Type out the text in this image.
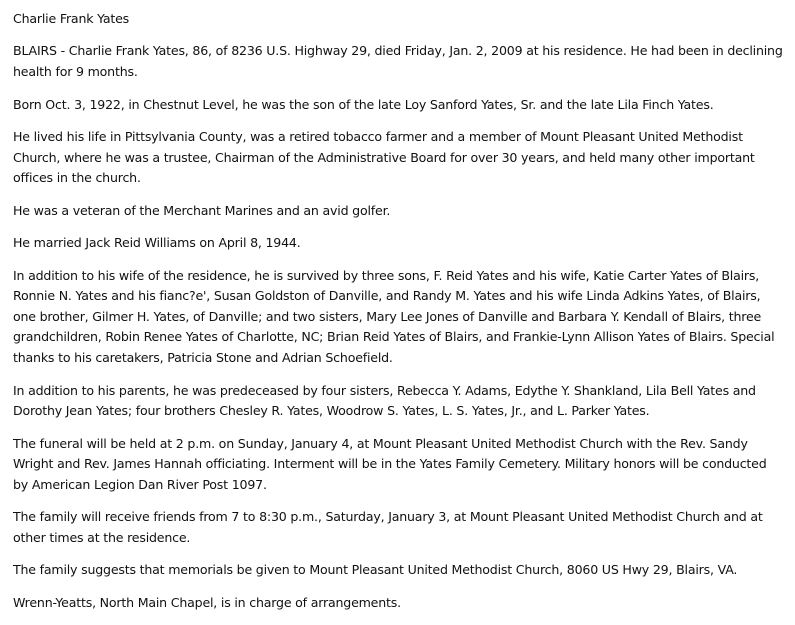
Charlie Frank Yates

BLAIRS - Charlie Frank Yates, 86, of 8236 U.S. Highway 29, died Friday, Jan. 2, 2009 at his residence. He had been in declining health for 9 months.

Born Oct. 3, 1922, in Chestnut Level, he was the son of the late Loy Sanford Yates, Sr. and the late Lila Finch Yates.

He lived his life in Pittsylvania County, was a retired tobacco farmer and a member of Mount Pleasant United Methodist Church, where he was a trustee, Chairman of the Administrative Board for over 30 years, and held many other important offices in the church.

He was a veteran of the Merchant Marines and an avid golfer.

He married Jack Reid Williams on April 8, 1944.

In addition to his wife of the residence, he is survived by three sons, F. Reid Yates and his wife, Katie Carter Yates of Blairs, Ronnie N. Yates and his fianc?e', Susan Goldston of Danville, and Randy M. Yates and his wife Linda Adkins Yates, of Blairs, one brother, Gilmer H. Yates, of Danville; and two sisters, Mary Lee Jones of Danville and Barbara Y. Kendall of Blairs, three grandchildren, Robin Renee Yates of Charlotte, NC; Brian Reid Yates of Blairs, and Frankie-Lynn Allison Yates of Blairs. Special thanks to his caretakers, Patricia Stone and Adrian Schoefield.

In addition to his parents, he was predeceased by four sisters, Rebecca Y. Adams, Edythe Y. Shankland, Lila Bell Yates and Dorothy Jean Yates; four brothers Chesley R. Yates, Woodrow S. Yates, L. S. Yates, Jr., and L. Parker Yates.

The funeral will be held at 2 p.m. on Sunday, January 4, at Mount Pleasant United Methodist Church with the Rev. Sandy Wright and Rev. James Hannah officiating. Interment will be in the Yates Family Cemetery. Military honors will be conducted by American Legion Dan River Post 1097.

The family will receive friends from 7 to 8:30 p.m., Saturday, January 3, at Mount Pleasant United Methodist Church and at other times at the residence.

The family suggests that memorials be given to Mount Pleasant United Methodist Church, 8060 US Hwy 29, Blairs, VA.

Wrenn-Yeatts, North Main Chapel, is in charge of arrangements.
